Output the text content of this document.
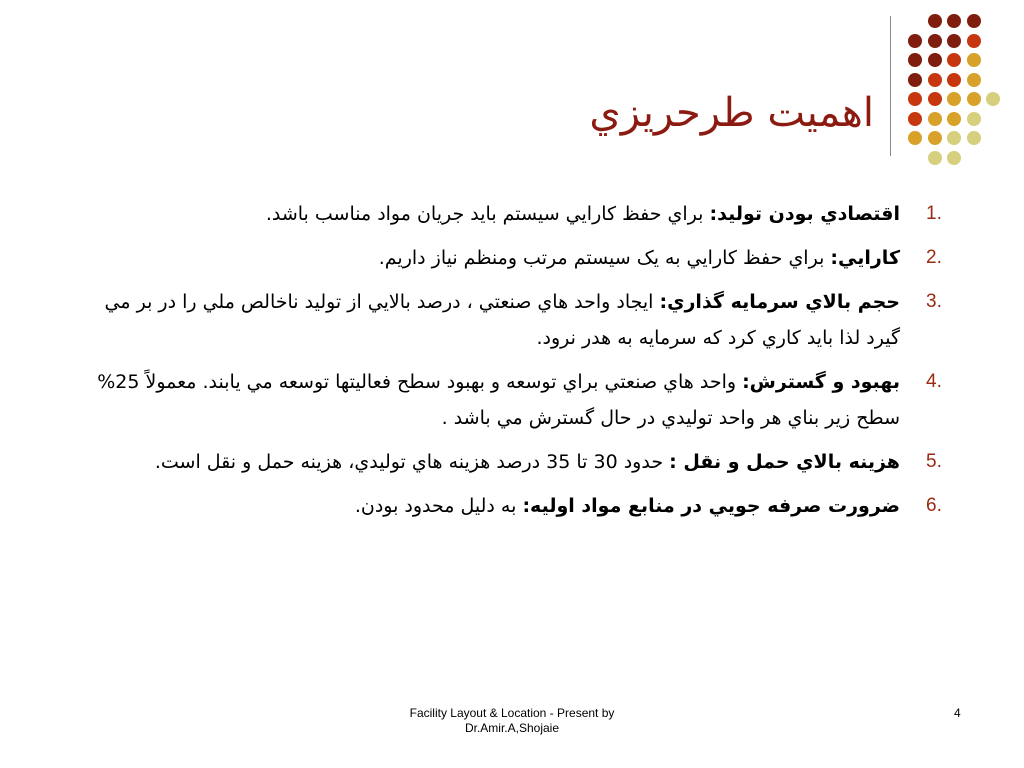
اهميت طرحريزي
1.
اقتصادي بودن توليد: براي حفظ كارايي سيستم بايد جريان مواد مناسب باشد.
2.
كارايي: براي حفظ كارايي به يک سيستم مرتب ومنظم نياز داريم.
3.
حجم بالاي سرمايه گذاري: ايجاد واحد هاي صنعتي ، درصد بالايي از توليد ناخالص ملي را در بر مي گيرد لذا بايد كاري كرد كه سرمايه به هدر نرود.
4.
بهبود و گسترش: واحد هاي صنعتي براي توسعه و بهبود سطح فعاليتها توسعه مي يابند. معمولاً 25% سطح زير بناي هر واحد توليدي در حال گسترش مي باشد .
5.
هزينه بالاي حمل و نقل : حدود 30 تا 35 درصد هزينه هاي توليدي، هزينه حمل و نقل است.
6.
ضرورت صرفه جويي در منابع مواد اوليه: به دليل محدود بودن.
Facility Layout & Location - Present by
Dr.Amir.A,Shojaie
4
